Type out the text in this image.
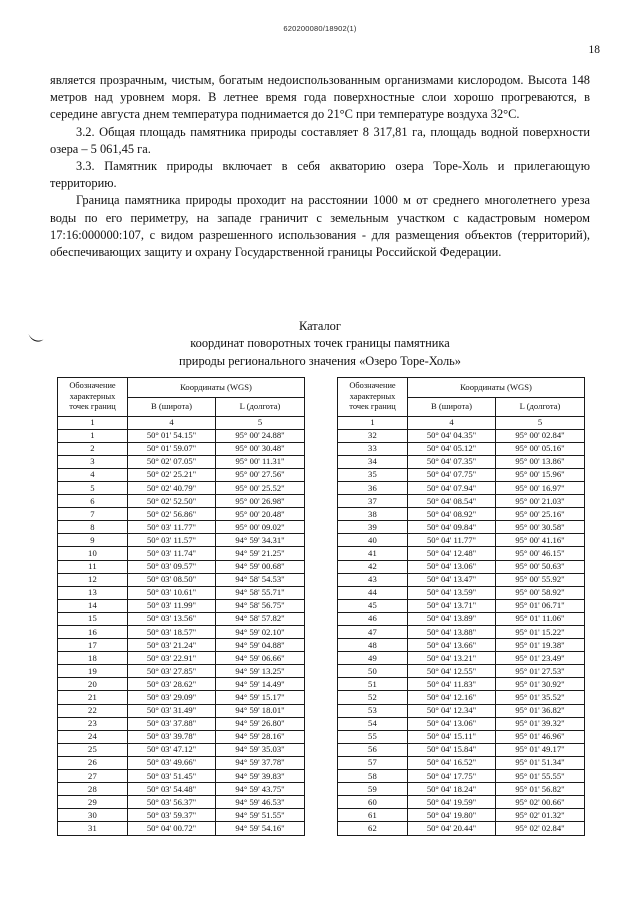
620200080/18902(1)
18

является прозрачным, чистым, богатым недоиспользованным организмами кислородом. Высота 148 метров над уровнем моря. В летнее время года поверхностные слои хорошо прогреваются, в середине августа днем температура поднимается до 21°С при температуре воздуха 32°С.

3.2. Общая площадь памятника природы составляет 8 317,81 га, площадь водной поверхности озера – 5 061,45 га.

3.3. Памятник природы включает в себя акваторию озера Торе-Холь и прилегающую территорию.

Граница памятника природы проходит на расстоянии 1000 м от среднего многолетнего уреза воды по его периметру, на западе граничит с земельным участком с кадастровым номером 17:16:000000:107, с видом разрешенного использования - для размещения объектов (территорий), обеспечивающих защиту и охрану Государственной границы Российской Федерации.

Каталог
координат поворотных точек границы памятника
природы регионального значения «Озеро Торе-Холь»
Обозначение
характерных
точек границ	Координаты (WGS)	
	B (широта)	L (долгота)
1	4	5
1	50° 01' 54.15"	95° 00' 24.88"
2	50° 01' 59.07"	95° 00' 30.48"
3	50° 02' 07.05"	95° 00' 11.31"
4	50° 02' 25.21"	95° 00' 27.56"
5	50° 02' 40.79"	95° 00' 25.52"
6	50° 02' 52.50"	95° 00' 26.98"
7	50° 02' 56.86"	95° 00' 20.48"
8	50° 03' 11.77"	95° 00' 09.02"
9	50° 03' 11.57"	94° 59' 34.31"
10	50° 03' 11.74"	94° 59' 21.25"
11	50° 03' 09.57"	94° 59' 00.68"
12	50° 03' 08.50"	94° 58' 54.53"
13	50° 03' 10.61"	94° 58' 55.71"
14	50° 03' 11.99"	94° 58' 56.75"
15	50° 03' 13.56"	94° 58' 57.82"
16	50° 03' 18.57"	94° 59' 02.10"
17	50° 03' 21.24"	94° 59' 04.88"
18	50° 03' 22.91"	94° 59' 06.66"
19	50° 03' 27.85"	94° 59' 13.25"
20	50° 03' 28.62"	94° 59' 14.49"
21	50° 03' 29.09"	94° 59' 15.17"
22	50° 03' 31.49"	94° 59' 18.01"
23	50° 03' 37.88"	94° 59' 26.80"
24	50° 03' 39.78"	94° 59' 28.16"
25	50° 03' 47.12"	94° 59' 35.03"
26	50° 03' 49.66"	94° 59' 37.78"
27	50° 03' 51.45"	94° 59' 39.83"
28	50° 03' 54.48"	94° 59' 43.75"
29	50° 03' 56.37"	94° 59' 46.53"
30	50° 03' 59.37"	94° 59' 51.55"
31	50° 04' 00.72"	94° 59' 54.16"
Обозначение
характерных
точек границ	Координаты (WGS)	
	B (широта)	L (долгота)
1	4	5
32	50° 04' 04.35"	95° 00' 02.84"
33	50° 04' 05.12"	95° 00' 05.16"
34	50° 04' 07.35"	95° 00' 13.86"
35	50° 04' 07.75"	95° 00' 15.96"
36	50° 04' 07.94"	95° 00' 16.97"
37	50° 04' 08.54"	95° 00' 21.03"
38	50° 04' 08.92"	95° 00' 25.16"
39	50° 04' 09.84"	95° 00' 30.58"
40	50° 04' 11.77"	95° 00' 41.16"
41	50° 04' 12.48"	95° 00' 46.15"
42	50° 04' 13.06"	95° 00' 50.63"
43	50° 04' 13.47"	95° 00' 55.92"
44	50° 04' 13.59"	95° 00' 58.92"
45	50° 04' 13.71"	95° 01' 06.71"
46	50° 04' 13.89"	95° 01' 11.06"
47	50° 04' 13.88"	95° 01' 15.22"
48	50° 04' 13.66"	95° 01' 19.38"
49	50° 04' 13.21"	95° 01' 23.49"
50	50° 04' 12.55"	95° 01' 27.53"
51	50° 04' 11.83"	95° 01' 30.92"
52	50° 04' 12.16"	95° 01' 35.52"
53	50° 04' 12.34"	95° 01' 36.82"
54	50° 04' 13.06"	95° 01' 39.32"
55	50° 04' 15.11"	95° 01' 46.96"
56	50° 04' 15.84"	95° 01' 49.17"
57	50° 04' 16.52"	95° 01' 51.34"
58	50° 04' 17.75"	95° 01' 55.55"
59	50° 04' 18.24"	95° 01' 56.82"
60	50° 04' 19.59"	95° 02' 00.66"
61	50° 04' 19.80"	95° 02' 01.32"
62	50° 04' 20.44"	95° 02' 02.84"
